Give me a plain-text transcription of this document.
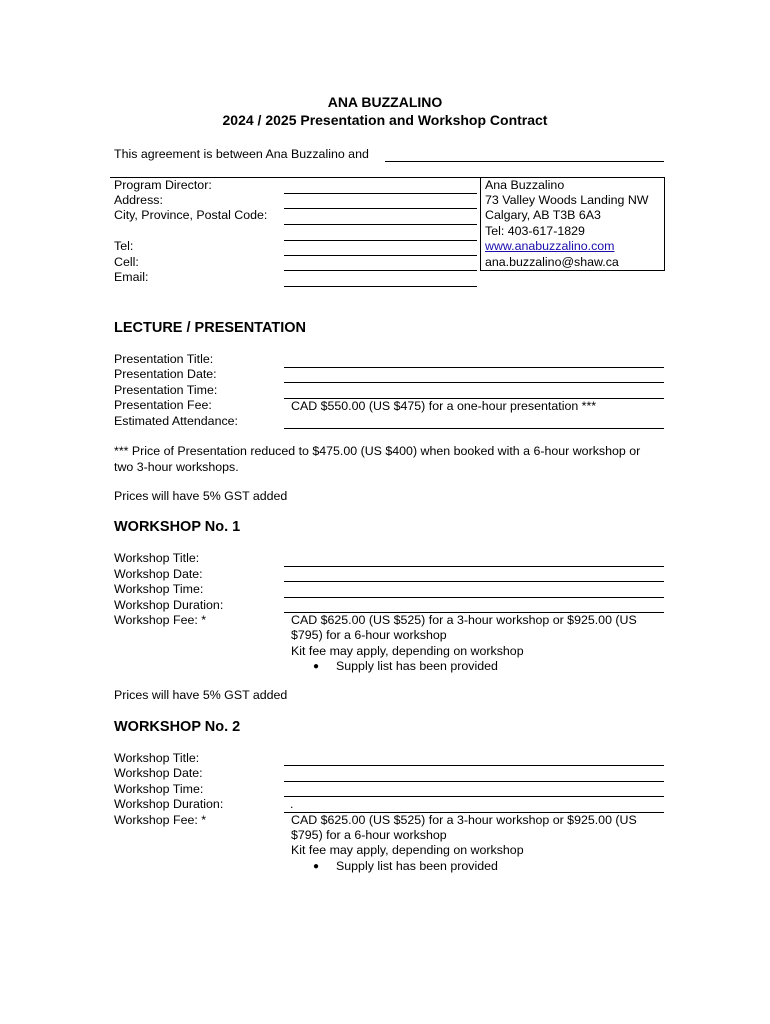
ANA BUZZALINO
2024 / 2025 Presentation and Workshop Contract
This agreement is between Ana Buzzalino and
Program Director:
Address:
City, Province, Postal Code:
Tel:
Cell:
Email:
Ana Buzzalino
73 Valley Woods Landing NW
Calgary, AB T3B 6A3
Tel: 403-617-1829
www.anabuzzalino.com
ana.buzzalino@shaw.ca
LECTURE / PRESENTATION
Presentation Title:
Presentation Date:
Presentation Time:
Presentation Fee:
Estimated Attendance:
CAD $550.00 (US $475) for a one-hour presentation ***
*** Price of Presentation reduced to $475.00 (US $400) when booked with a 6-hour workshop or
two 3-hour workshops.
Prices will have 5% GST added
WORKSHOP No. 1
Workshop Title:
Workshop Date:
Workshop Time:
Workshop Duration:
Workshop Fee: *	CAD $625.00 (US $525) for a 3-hour workshop or $925.00 (US
$795) for a 6-hour workshop
Kit fee may apply, depending on workshop
● Supply list has been provided
Prices will have 5% GST added
WORKSHOP No. 2
Workshop Title:
Workshop Date:
Workshop Time:
Workshop Duration:
Workshop Fee: *
.
CAD $625.00 (US $525) for a 3-hour workshop or $925.00 (US
$795) for a 6-hour workshop
Kit fee may apply, depending on workshop
● Supply list has been provided
